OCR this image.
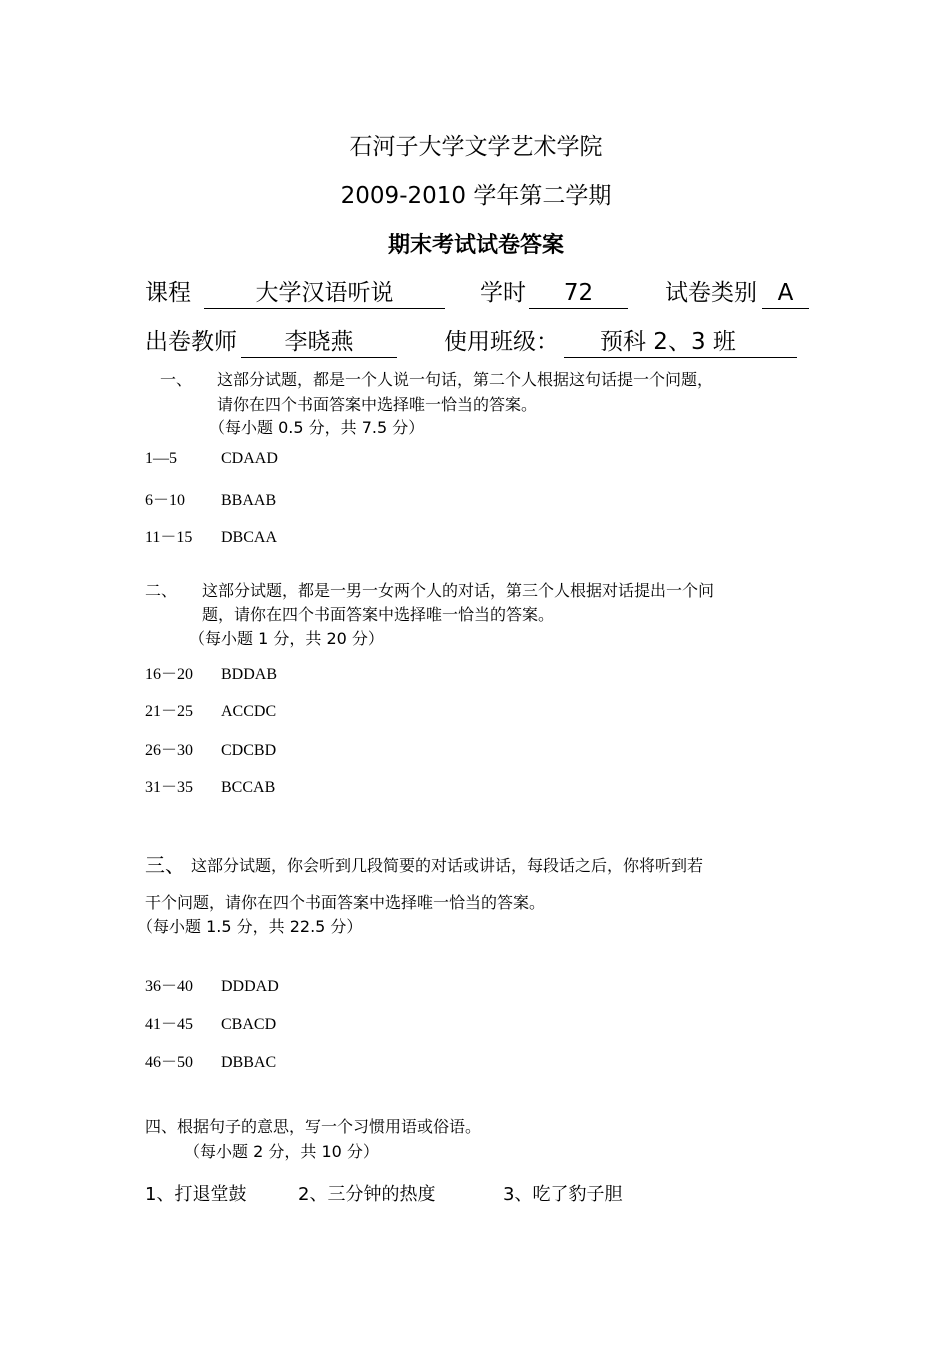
石河子大学文学艺术学院
2009-2010 学年第二学期
期末考试试卷答案
课程	大学汉语听说	学时	72	试卷类别 A
出卷教师	李晓燕	使用班级：	预科 2、3 班
一、 这部分试题，都是一个人说一句话，第二个人根据这句话提一个问题，
请你在四个书面答案中选择唯一恰当的答案。
（每小题 0.5 分，共 7.5 分）
1—5	CDAAD
6－10 BBAAB
11－15 DBCAA
二、 这部分试题，都是一男一女两个人的对话，第三个人根据对话提出一个问
题，请你在四个书面答案中选择唯一恰当的答案。
（每小题 1 分，共 20 分）
16－20 BDDAB
21－25 ACCDC
26－30 CDCBD
31－35 BCCAB
三、 这部分试题，你会听到几段简要的对话或讲话，每段话之后，你将听到若
干个问题，请你在四个书面答案中选择唯一恰当的答案。
（每小题 1.5 分，共 22.5 分）
36－40 DDDAD
41－45 CBACD
46－50 DBBAC
四、根据句子的意思，写一个习惯用语或俗语。
（每小题 2 分，共 10 分）
1、打退堂鼓	2、三分钟的热度	3、吃了豹子胆
